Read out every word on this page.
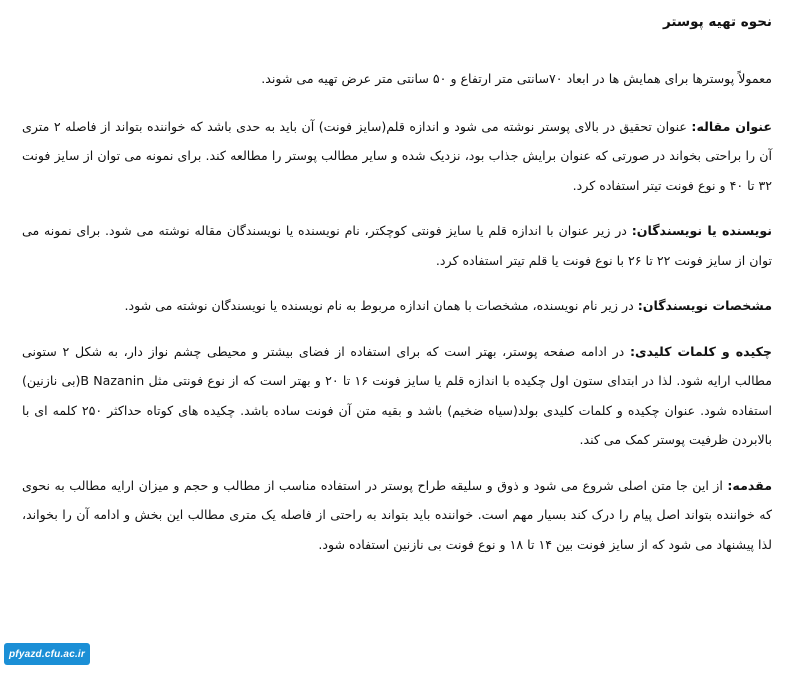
نحوه تهیه پوستر

معمولاً پوسترها برای همایش ها در ابعاد ۷۰سانتی متر ارتفاع و ۵۰ سانتی متر عرض تهیه می شوند.

عنوان مقاله: عنوان تحقیق در بالای پوستر نوشته می شود و اندازه قلم(سایز فونت) آن باید به حدی باشد که خواننده بتواند از فاصله ۲ متری آن را براحتی بخواند در صورتی که عنوان برایش جذاب بود، نزدیک شده و سایر مطالب پوستر را مطالعه کند. برای نمونه می توان از سایز فونت ۳۲ تا ۴۰ و نوع فونت تیتر استفاده کرد.

نویسنده یا نویسندگان: در زیر عنوان با اندازه قلم یا سایز فونتی کوچکتر، نام نویسنده یا نویسندگان مقاله نوشته می شود. برای نمونه می توان از سایز فونت ۲۲ تا ۲۶ با نوع فونت یا قلم تیتر استفاده کرد.

مشخصات نویسندگان: در زیر نام نویسنده، مشخصات با همان اندازه مربوط به نام نویسنده یا نویسندگان نوشته می شود.

چکیده و کلمات کلیدی: در ادامه صفحه پوستر، بهتر است که برای استفاده از فضای بیشتر و محیطی چشم نواز دار، به شکل ۲ ستونی مطالب ارایه شود. لذا در ابتدای ستون اول چکیده با اندازه قلم یا سایز فونت ۱۶ تا ۲۰ و بهتر است که از نوع فونتی مثل B Nazanin(بی نازنین) استفاده شود. عنوان چکیده و کلمات کلیدی بولد(سیاه ضخیم) باشد و بقیه متن آن فونت ساده باشد. چکیده های کوتاه حداکثر ۲۵۰ کلمه ای با بالابردن ظرفیت پوستر کمک می کند.

مقدمه: از این جا متن اصلی شروع می شود و ذوق و سلیقه طراح پوستر در استفاده مناسب از مطالب و حجم و میزان ارایه مطالب به نحوی که خواننده بتواند اصل پیام را درک کند بسیار مهم است. خواننده باید بتواند به راحتی از فاصله یک متری مطالب این بخش و ادامه آن را بخواند، لذا پیشنهاد می شود که از سایز فونت بین ۱۴ تا ۱۸ و نوع فونت بی نازنین استفاده شود.

pfyazd.cfu.ac.ir
